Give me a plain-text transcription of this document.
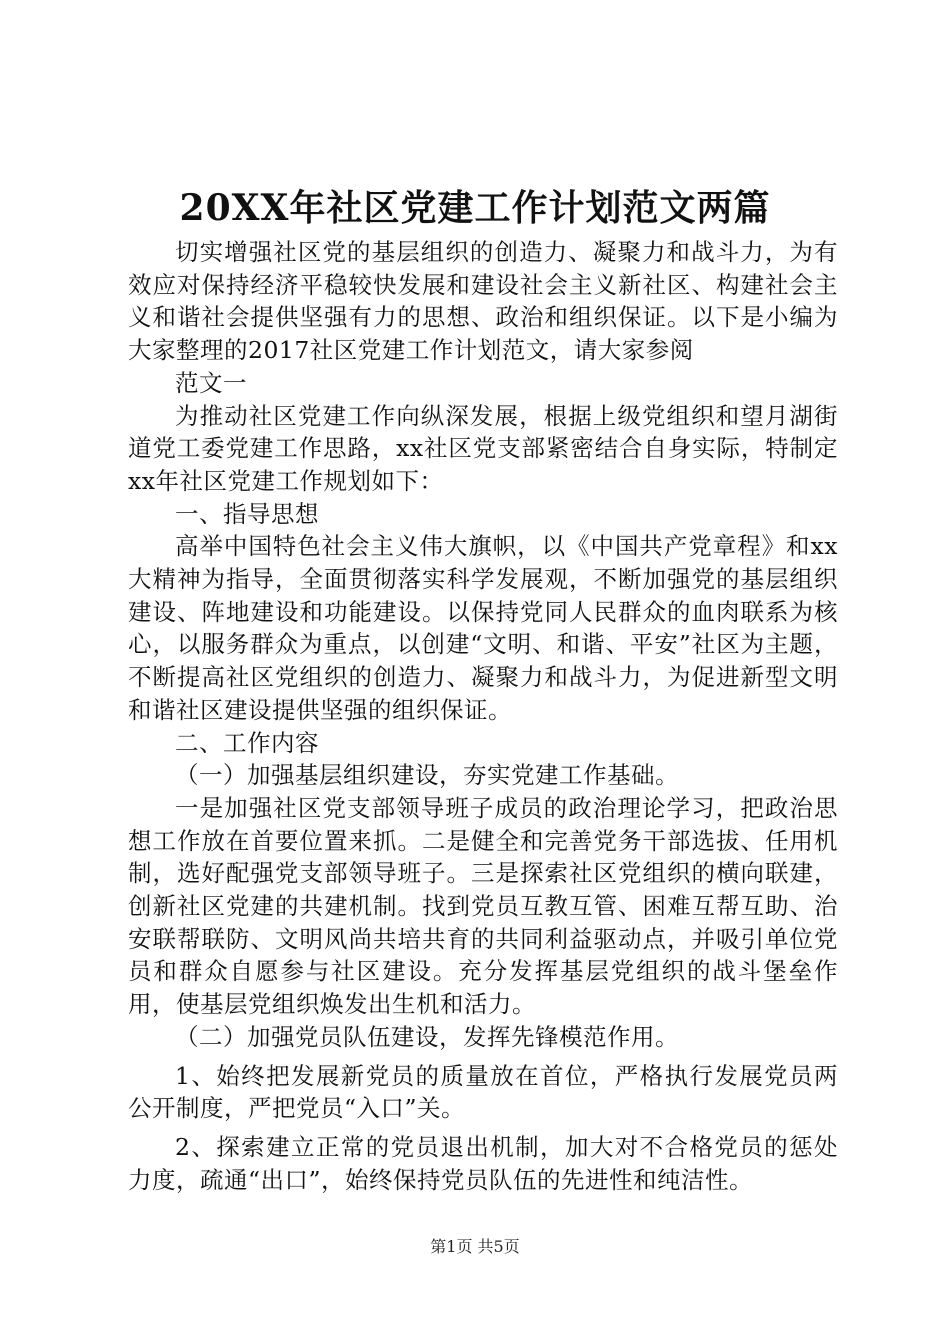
20XX年社区党建工作计划范文两篇

切实增强社区党的基层组织的创造力、凝聚力和战斗力，为有效应对保持经济平稳较快发展和建设社会主义新社区、构建社会主义和谐社会提供坚强有力的思想、政治和组织保证。以下是小编为大家整理的2017社区党建工作计划范文，请大家参阅

范文一

为推动社区党建工作向纵深发展，根据上级党组织和望月湖街道党工委党建工作思路，xx社区党支部紧密结合自身实际，特制定xx年社区党建工作规划如下：

一、指导思想

高举中国特色社会主义伟大旗帜，以《中国共产党章程》和xx大精神为指导，全面贯彻落实科学发展观，不断加强党的基层组织建设、阵地建设和功能建设。以保持党同人民群众的血肉联系为核心，以服务群众为重点，以创建“文明、和谐、平安”社区为主题，不断提高社区党组织的创造力、凝聚力和战斗力，为促进新型文明和谐社区建设提供坚强的组织保证。

二、工作内容

（一）加强基层组织建设，夯实党建工作基础。

一是加强社区党支部领导班子成员的政治理论学习，把政治思想工作放在首要位置来抓。二是健全和完善党务干部选拔、任用机制，选好配强党支部领导班子。三是探索社区党组织的横向联建，创新社区党建的共建机制。找到党员互教互管、困难互帮互助、治安联帮联防、文明风尚共培共育的共同利益驱动点，并吸引单位党员和群众自愿参与社区建设。充分发挥基层党组织的战斗堡垒作用，使基层党组织焕发出生机和活力。

（二）加强党员队伍建设，发挥先锋模范作用。

1、始终把发展新党员的质量放在首位，严格执行发展党员两公开制度，严把党员“入口”关。

2、探索建立正常的党员退出机制，加大对不合格党员的惩处力度，疏通“出口”，始终保持党员队伍的先进性和纯洁性。

第1页 共5页
